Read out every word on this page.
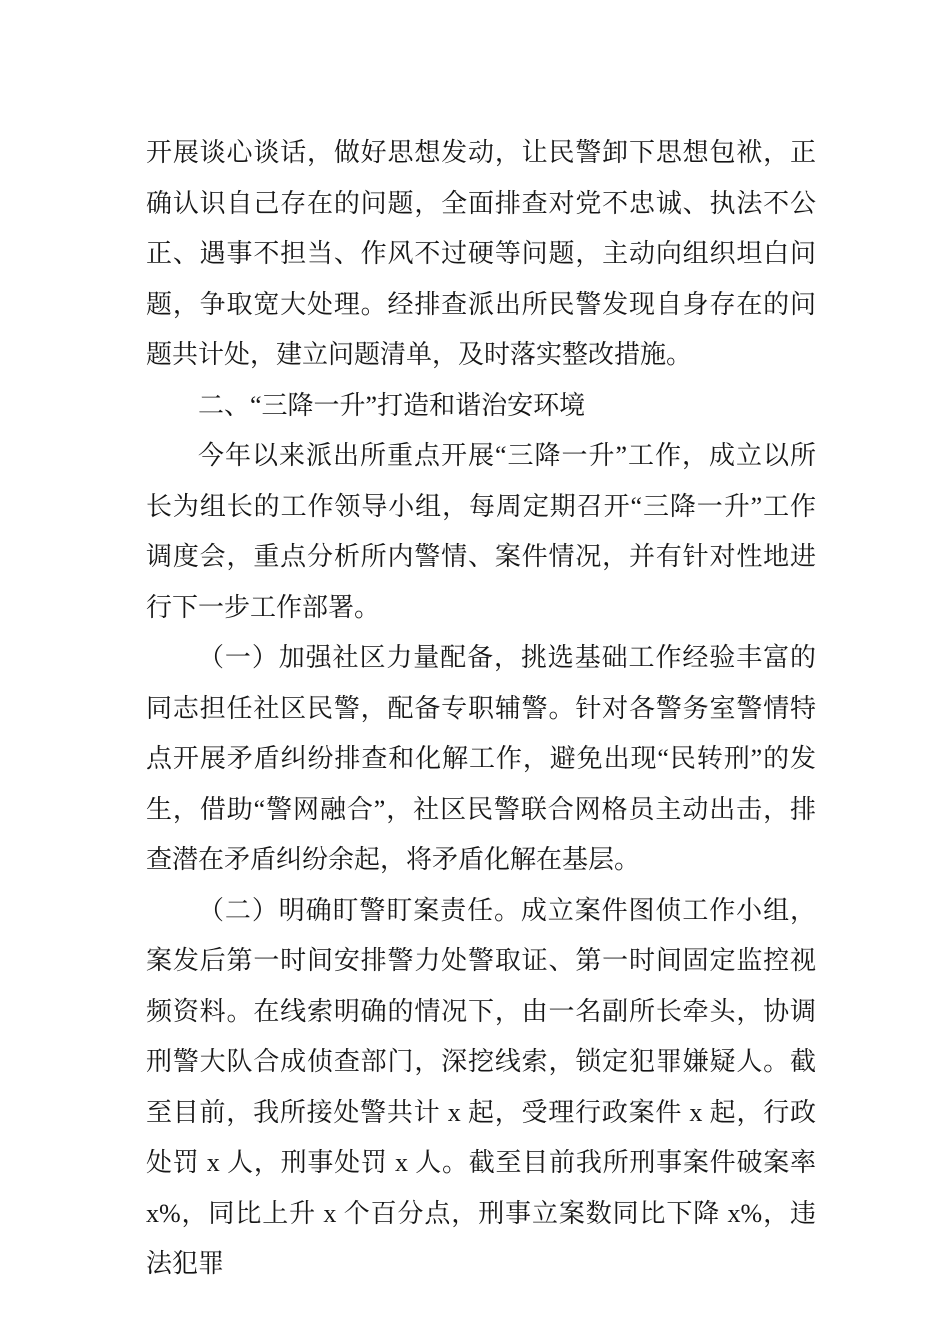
开展谈心谈话，做好思想发动，让民警卸下思想包袱，正确认识自己存在的问题，全面排查对党不忠诚、执法不公正、遇事不担当、作风不过硬等问题，主动向组织坦白问题，争取宽大处理。经排查派出所民警发现自身存在的问题共计处，建立问题清单，及时落实整改措施。

二、“三降一升”打造和谐治安环境

今年以来派出所重点开展“三降一升”工作，成立以所长为组长的工作领导小组，每周定期召开“三降一升”工作调度会，重点分析所内警情、案件情况，并有针对性地进行下一步工作部署。

（一）加强社区力量配备，挑选基础工作经验丰富的同志担任社区民警，配备专职辅警。针对各警务室警情特点开展矛盾纠纷排查和化解工作，避免出现“民转刑”的发生，借助“警网融合”，社区民警联合网格员主动出击，排查潜在矛盾纠纷余起，将矛盾化解在基层。

（二）明确盯警盯案责任。成立案件图侦工作小组，案发后第一时间安排警力处警取证、第一时间固定监控视频资料。在线索明确的情况下，由一名副所长牵头，协调刑警大队合成侦查部门，深挖线索，锁定犯罪嫌疑人。截至目前，我所接处警共计 x 起，受理行政案件 x 起，行政处罚 x 人，刑事处罚 x 人。截至目前我所刑事案件破案率 x%，同比上升 x 个百分点，刑事立案数同比下降 x%，违法犯罪
